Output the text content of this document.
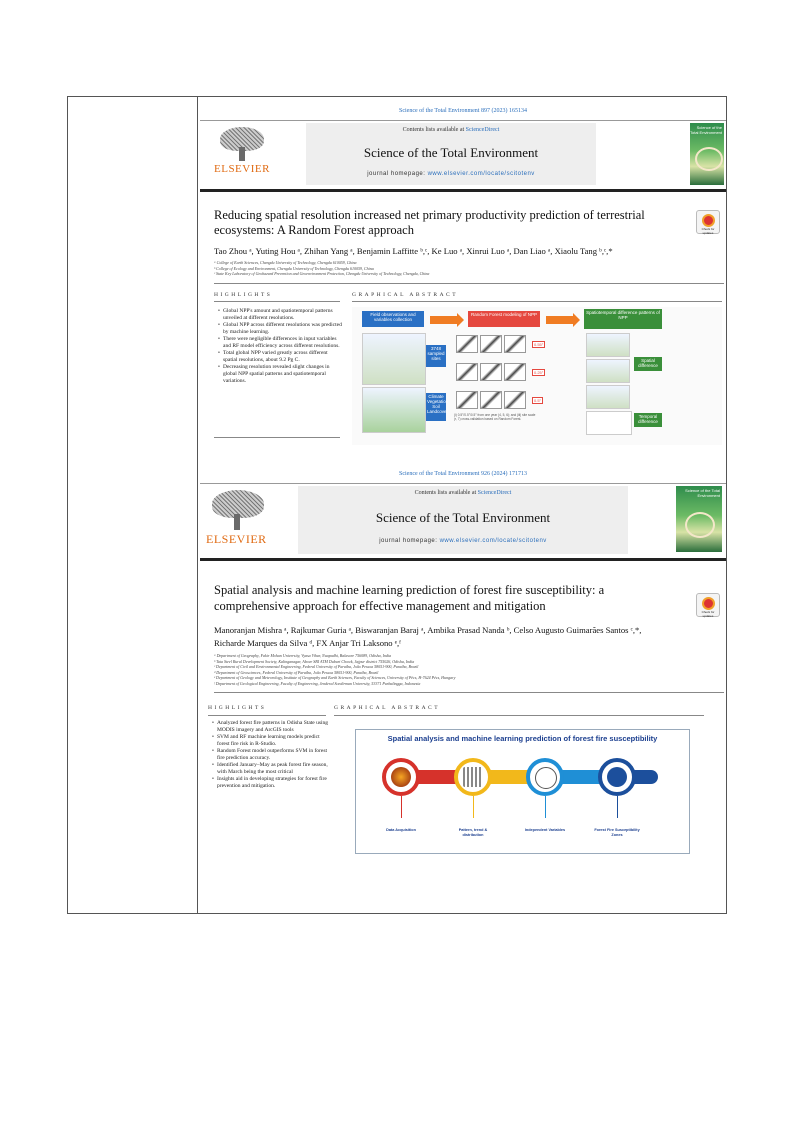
Science of the Total Environment 897 (2023) 165134
ELSEVIER
Contents lists available at ScienceDirect
Science of the Total Environment
journal homepage: www.elsevier.com/locate/scitotenv
Science of the Total Environment
Check for updates
Reducing spatial resolution increased net primary productivity prediction of terrestrial ecosystems: A Random Forest approach
Tao Zhou ᵃ, Yuting Hou ᵃ, Zhihan Yang ᵃ, Benjamin Laffitte ᵇ,ᶜ, Ke Luo ᵃ, Xinrui Luo ᵃ, Dan Liao ᵃ, Xiaolu Tang ᵇ,ᶜ,*
ᵃ College of Earth Sciences, Chengdu University of Technology, Chengdu 610059, China
ᵇ College of Ecology and Environment, Chengdu University of Technology, Chengdu 610059, China
ᶜ State Key Laboratory of Geohazard Prevention and Geoenvironment Protection, Chengdu University of Technology, Chengdu, China
HIGHLIGHTS	GRAPHICAL ABSTRACT
• Global NPP's amount and spatiotemporal patterns unveiled at different resolutions.
• Global NPP across different resolutions was predicted by machine learning.
• There were negligible differences in input variables and RF model efficiency across different resolutions.
• Total global NPP varied greatly across different spatial resolutions, about 9.2 Pg C.
• Decreasing resolution revealed slight changes in global NPP spatial patterns and spatiotemporal variations.
Field observations and variables collection
Random Forest modeling of NPP	Spatiotemporal difference patterns of NPP
3748 sampled sites
Climate Vegetation Soil Landcover
0.55°
0.25°
0.5°
(i) 0.5°/0.5°/0.5° from one year (4, 5, 6); and (iii) site scale (r, 7) cross-validation based on Random Forest.
Spatial difference
Temporal difference
Science of the Total Environment 926 (2024) 171713
ELSEVIER
Contents lists available at ScienceDirect
Science of the Total Environment
journal homepage: www.elsevier.com/locate/scitotenv
Science of the Total Environment
Check for updates
Spatial analysis and machine learning prediction of forest fire susceptibility: a comprehensive approach for effective management and mitigation
Manoranjan Mishra ᵃ, Rajkumar Guria ᵃ, Biswaranjan Baraj ᵃ, Ambika Prasad Nanda ᵇ, Celso Augusto Guimarães Santos ᶜ,*, Richarde Marques da Silva ᵈ, FX Anjar Tri Laksono ᵉ,ᶠ
ᵃ Department of Geography, Fakir Mohan University, Vyasa Vihar, Nuapadhi, Balasore 756089, Odisha, India
ᵇ Tata Steel Rural Development Society, Kalinganagar, Above SBI ATM Duburi Chowk, Jajpur district 755026, Odisha, India
ᶜ Department of Civil and Environmental Engineering, Federal University of Paraíba, João Pessoa 58051-900, Paraíba, Brazil
ᵈ Department of Geosciences, Federal University of Paraíba, João Pessoa 58051-900, Paraíba, Brazil
ᵉ Department of Geology and Meteorology, Institute of Geography and Earth Sciences, Faculty of Sciences, University of Pécs, H-7624 Pécs, Hungary
ᶠ Department of Geological Engineering, Faculty of Engineering, Jenderal Soedirman University, 53371 Purbalingga, Indonesia
HIGHLIGHTS	GRAPHICAL ABSTRACT
• Analyzed forest fire patterns in Odisha State using MODIS imagery and ArcGIS tools
• SVM and RF machine learning models predict forest fire risk in R-Studio.
• Random Forest model outperforms SVM in forest fire prediction accuracy.
• Identified January–May as peak forest fire season, with March being the most critical
• Insights aid in developing strategies for forest fire prevention and mitigation.
Spatial analysis and machine learning prediction of forest fire susceptibility
Data Acquisition	Pattern, trend & distribution
Independent Variables	Forest Fire Susceptibility Zones
